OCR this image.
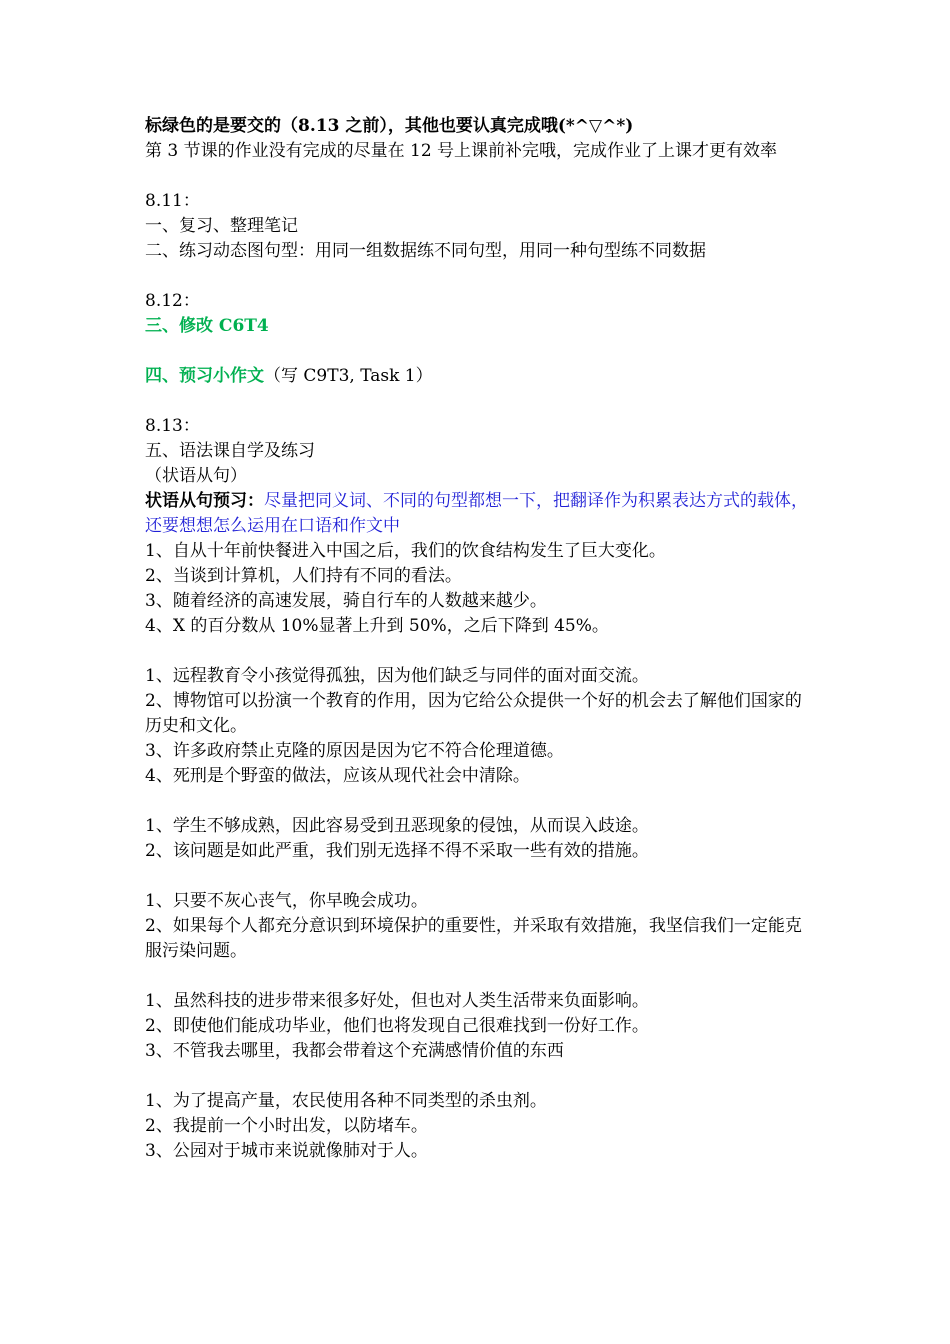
标绿色的是要交的（8.13 之前），其他也要认真完成哦(*^▽^*)
第 3 节课的作业没有完成的尽量在 12 号上课前补完哦，完成作业了上课才更有效率
8.11：
一、复习、整理笔记
二、练习动态图句型：用同一组数据练不同句型，用同一种句型练不同数据
8.12：
三、修改 C6T4
四、预习小作文（写 C9T3, Task 1）
8.13：
五、语法课自学及练习
（状语从句）
状语从句预习：尽量把同义词、不同的句型都想一下，把翻译作为积累表达方式的载体，还要想想怎么运用在口语和作文中
1、自从十年前快餐进入中国之后，我们的饮食结构发生了巨大变化。
2、当谈到计算机，人们持有不同的看法。
3、随着经济的高速发展，骑自行车的人数越来越少。
4、X 的百分数从 10%显著上升到 50%，之后下降到 45%。
1、远程教育令小孩觉得孤独，因为他们缺乏与同伴的面对面交流。
2、博物馆可以扮演一个教育的作用，因为它给公众提供一个好的机会去了解他们国家的历史和文化。
3、许多政府禁止克隆的原因是因为它不符合伦理道德。
4、死刑是个野蛮的做法，应该从现代社会中清除。
1、学生不够成熟，因此容易受到丑恶现象的侵蚀，从而误入歧途。
2、该问题是如此严重，我们别无选择不得不采取一些有效的措施。
1、只要不灰心丧气，你早晚会成功。
2、如果每个人都充分意识到环境保护的重要性，并采取有效措施，我坚信我们一定能克服污染问题。
1、虽然科技的进步带来很多好处，但也对人类生活带来负面影响。
2、即使他们能成功毕业，他们也将发现自己很难找到一份好工作。
3、不管我去哪里，我都会带着这个充满感情价值的东西
1、为了提高产量，农民使用各种不同类型的杀虫剂。
2、我提前一个小时出发，以防堵车。
3、公园对于城市来说就像肺对于人。
